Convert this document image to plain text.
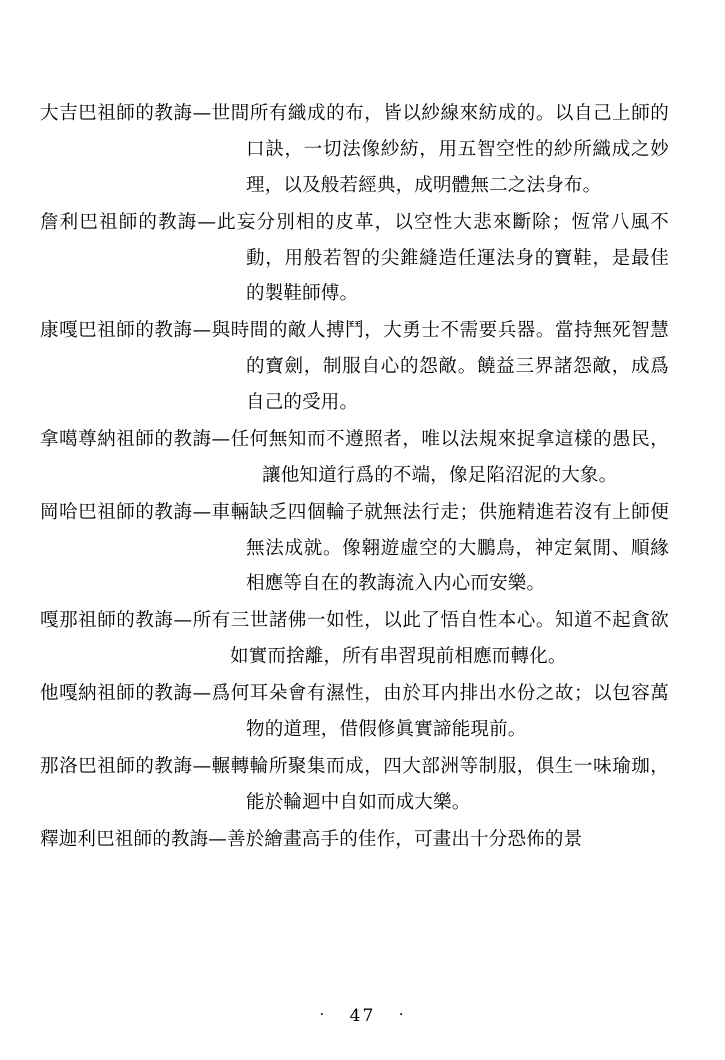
大吉巴祖師的教誨—世間所有織成的布，皆以紗線來紡成的。以自己上師的口訣，一切法像紗紡，用五智空性的紗所織成之妙理，以及般若經典，成明體無二之法身布。
詹利巴祖師的教誨—此妄分別相的皮革，以空性大悲來斷除；恆常八風不動，用般若智的尖錐縫造任運法身的寶鞋，是最佳的製鞋師傅。
康嘎巴祖師的教誨—與時間的敵人搏鬥，大勇士不需要兵器。當持無死智慧的寶劍，制服自心的怨敵。饒益三界諸怨敵，成爲自己的受用。
拿噶尊納祖師的教誨—任何無知而不遵照者，唯以法規來捉拿這樣的愚民，讓他知道行爲的不端，像足陷沼泥的大象。
岡哈巴祖師的教誨—車輛缺乏四個輪子就無法行走；供施精進若沒有上師便無法成就。像翱遊虛空的大鵬鳥，神定氣閒、順緣相應等自在的教誨流入内心而安樂。
嘎那祖師的教誨—所有三世諸佛一如性，以此了悟自性本心。知道不起貪欲如實而捨離，所有串習現前相應而轉化。
他嘎納祖師的教誨—爲何耳朵會有濕性，由於耳内排出水份之故；以包容萬物的道理，借假修眞實諦能現前。
那洛巴祖師的教誨—輾轉輪所聚集而成，四大部洲等制服，俱生一味瑜珈，能於輪迴中自如而成大樂。
釋迦利巴祖師的教誨—善於繪畫高手的佳作，可畫出十分恐佈的景
· 47 ·
